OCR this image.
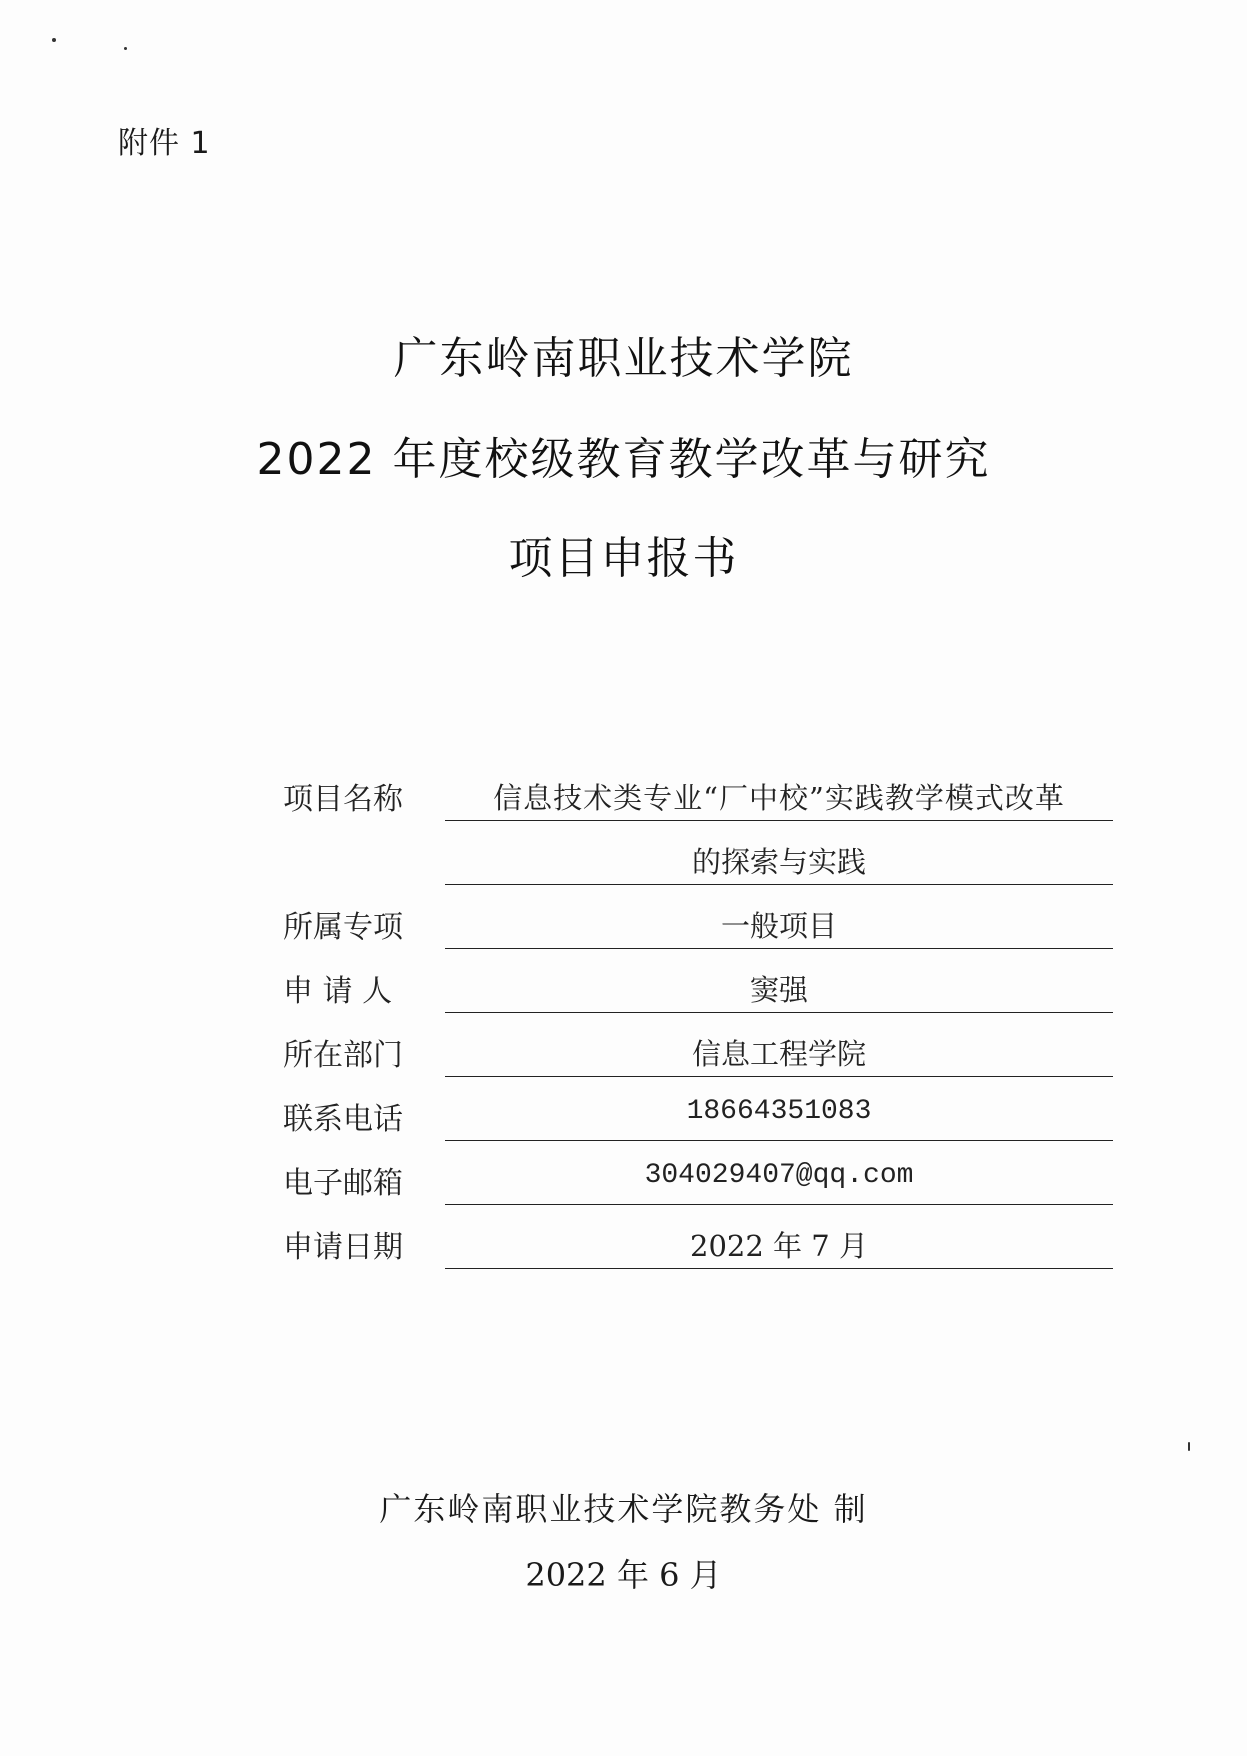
附件 1
广东岭南职业技术学院
2022 年度校级教育教学改革与研究
项目申报书
项目名称	信息技术类专业“厂中校”实践教学模式改革
的探索与实践
所属专项	一般项目
申 请 人	窦强
所在部门	信息工程学院
联系电话	18664351083
电子邮箱	304029407@qq.com
申请日期	2022 年 7 月
广东岭南职业技术学院教务处 制
2022 年 6 月
